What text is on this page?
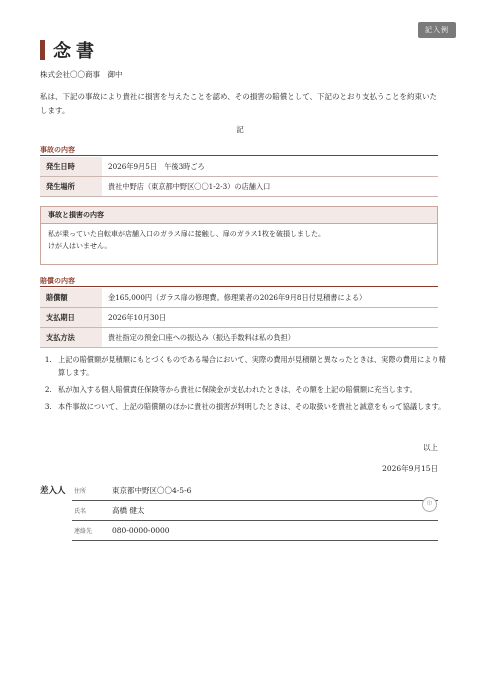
記入例
念書
株式会社〇〇商事　御中
私は、下記の事故により貴社に損害を与えたことを認め、その損害の賠償として、下記のとおり支払うことを約束いたします。
記
事故の内容
発生日時	2026年9月5日　午後3時ごろ
発生場所	貴社中野店（東京都中野区〇〇1-2-3）の店舗入口
事故と損害の内容
私が乗っていた自転車が店舗入口のガラス扉に接触し、扉のガラス1枚を破損しました。
けが人はいません。
賠償の内容
賠償額	金165,000円（ガラス扉の修理費。修理業者の2026年9月8日付見積書による）
支払期日	2026年10月30日
支払方法	貴社指定の預金口座への振込み（振込手数料は私の負担）
1. 上記の賠償額が見積額にもとづくものである場合において、実際の費用が見積額と異なったときは、実際の費用により精算します。
2. 私が加入する個人賠償責任保険等から貴社に保険金が支払われたときは、その額を上記の賠償額に充当します。
3. 本件事故について、上記の賠償額のほかに貴社の損害が判明したときは、その取扱いを貴社と誠意をもって協議します。
以上
2026年9月15日
差入人 住所	東京都中野区〇〇4-5-6
氏名	高橋 健太
連絡先	080-0000-0000
印
